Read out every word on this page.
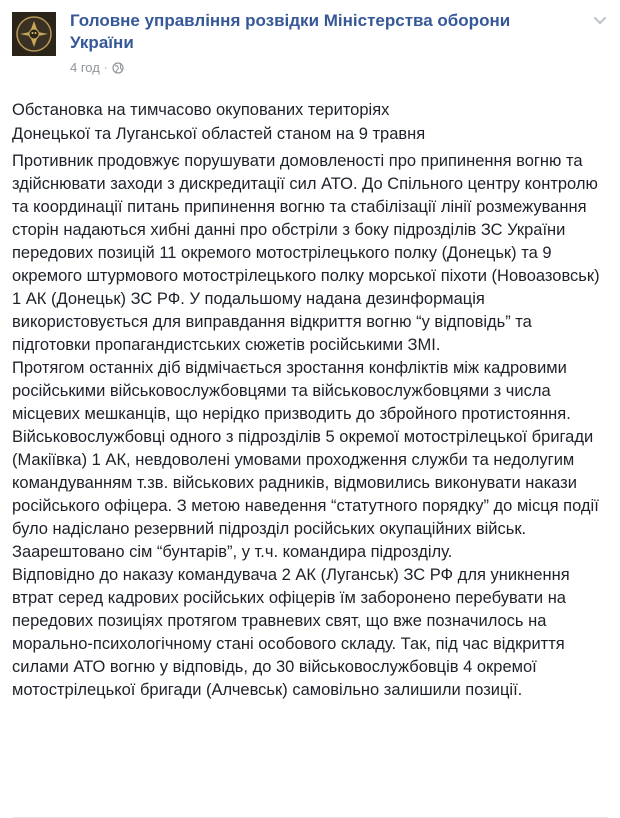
Головне управління розвідки Міністерства оборони України
4 год ·
Обстановка на тимчасово окупованих територіях
Донецької та Луганської областей станом на 9 травня

Противник продовжує порушувати домовленості про припинення вогню та здійснювати заходи з дискредитації сил АТО. До Спільного центру контролю та координації питань припинення вогню та стабілізації лінії розмежування сторін надаються хибні данні про обстріли з боку підрозділів ЗС України передових позицій 11 окремого мотострілецького полку (Донецьк) та 9 окремого штурмового мотострілецького полку морської піхоти (Новоазовськ) 1 АК (Донецьк) ЗС РФ. У подальшому надана дезинформація використовується для виправдання відкриття вогню “у відповідь” та підготовки пропагандистських сюжетів російськими ЗМІ.

Протягом останніх діб відмічається зростання конфліктів між кадровими російськими військовослужбовцями та військовослужбовцями з числа місцевих мешканців, що нерідко призводить до збройного протистояння.

Військовослужбовці одного з підрозділів 5 окремої мотострілецької бригади (Макіївка) 1 АК, невдоволені умовами проходження служби та недолугим командуванням т.зв. військових радників, відмовились виконувати накази російського офіцера. З метою наведення “статутного порядку” до місця події було надіслано резервний підрозділ російських окупаційних військ. Заарештовано сім “бунтарів”, у т.ч. командира підрозділу.

Відповідно до наказу командувача 2 АК (Луганськ) ЗС РФ для уникнення втрат серед кадрових російських офіцерів їм заборонено перебувати на передових позиціях протягом травневих свят, що вже позначилось на морально-психологічному стані особового складу. Так, під час відкриття силами АТО вогню у відповідь, до 30 військовослужбовців 4 окремої мотострілецької бригади (Алчевськ) самовільно залишили позиції.
